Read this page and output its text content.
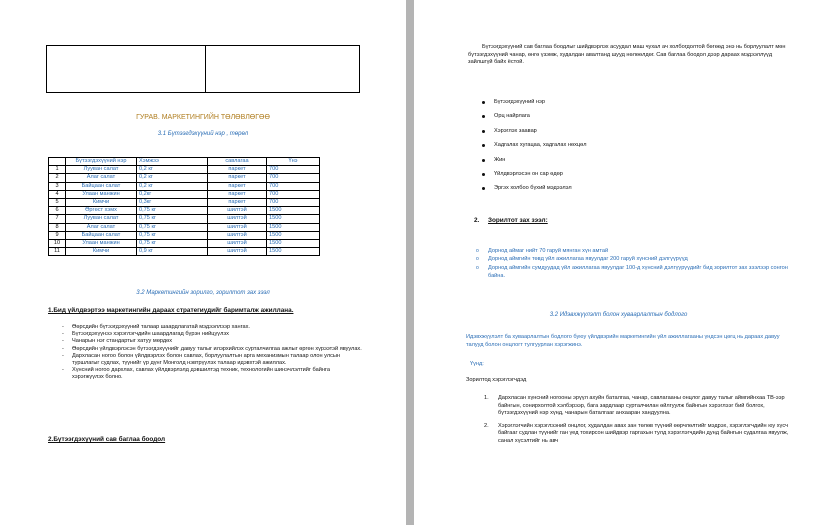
ГУРАВ. МАРКЕТИНГИЙН ТӨЛӨВЛӨГӨӨ
3.1 Бүтээгдэхүүний нэр , төрөл
	Бүтээгдэхүүний нэр	Хэмжээ	савлагаа	Үнэ
1	Луувaн салат	0,2 кг	паркет	700
2	Алаг салат	0,2 кг	паркет	700
3	Байцаан салат	0,2 кг	паркет	700
4	Улаан манжин	0,2кг	паркет	700
5	Кимчи	0,3кг	паркет	700
6	Өргөст хэмх	0,75 кг	шилтэй	1500
7	Луувaн салат	0,75 кг	шилтэй	1500
8	Алаг салат	0,75 кг	шилтэй	1500
9	Байцаан салат	0,75 кг	шилтэй	1500
10	Улаан манжин	0,75 кг	шилтэй	1500
11	Кимчи	0,9 кг	шилтэй	1500
3.2 Маркетингийн зорилго, зорилтот зах зээл
1.Бид үйлдвэртээ маркетингийн дараах стратегиудийг баримталж ажиллана.
- Өөрсдийн бүтээгдэхүүний талаар шаардлагатай мэдээллээр хангах.
- Бүтээгдэхүүнээ хэрэглэгчдийн шаардлагад бүрэн нийцүүлэх
- Чанарын нэг стандартыг хатуу мөрдөх
- Өөрсдийн үйлдвэрлэсэн бүтээгдэхүүнийг давуу талыг илэрхийлэх сурталчилгаа ажлыг өргөн хүрээтэй явуулах.
- Дархласан ногоо болон үйлдвэрлэх болон савлах, борлуулалтын арга механизмын талаар олон улсын туршлагыг судлах, түүнийг үр дүнг Монголд нэвтрүүлэх талаар идэвхтэй ажиллах.
- Хүнсний ногоо дархлах, савлах үйлдвэрлэлд дэвшилтэд техник, технологийн шинэчлэлтийг байнга хэрэгжүүлэх болно.
2.Бүтээгдэхүүний сав баглаа боодол
Бүтээгдэхүүний сав баглаа боодлыг шийдвэрлэх асуудал маш чухал ач холбогдолтой бөгөөд энэ нь борлуулалт мөн бүтээгдэхүүний чанар, өнгө үзэмж, худалдан авалтанд шууд нөлөөлдөг. Сав баглаа боодол дээр дараах мэдээллүүд зайлшгүй байх ёстой.
Бүтээгдэхүүний нэр
Орц найрлага
Хэрэглэх заавар
Хадгалах хугацаа, хадгалах нөхцөл
Жин
Үйлдвэрлэсэн он сар өдөр
Эргэх холбоо бүхий мэдээлэл
2. Зорилтот зах зээл:
o Дорнод аймаг нийт 70 гаруй мянган хүн амтай
o Дорнод аймгийн төвд үйл ажиллагаа явуулдаг 200 гаруй хүнсний дэлгүүрүүд
o Дорнод аймгийн сумдуудад үйл ажиллагаа явуулдаг 100-д хүнсний дэлгүүрүүдийг бид зорилтот зах зээлээр сонгон байна.
3.2 Идэвхжүүлэлт болон хуваарлалтын бодлого
Идэвхжүүлэлт ба хуваарлалтын бодлого буюу үйлдвэрийн маркетингийн үйл ажиллагааны үндсэн цөгц нь дараах давуу талууд болон онцлогт тулгуурлан хэрэгжинэ.
Үүнд:
Зорилтод хэрэглэгчдэд
1. Дархласан хүнсний ногооны эрүүл ахуйн баталгаа, чанар, савлагааны онцлог давуу талыг аймгийнхаа ТВ-ээр байнгын, сонирхолтой хэлбэрээр, бага зардлаар сурталчилан өйлгуулж байнгын хэрэглээг бий болгох, бүтээгдэхүүний нэр хүнд, чанарын баталгааг анхааран хандуулна.
2. Хэрэглэгчийн хэрэглээний онцлог, худалдан авах зан төлөв түүний өөрчлөлтийг мэдрэх, хэрэглэгчдийн юу хүсч байгааг судлан түүнийг ган үед тохирсон шийдвэр гаргахын тулд хэрэглэгчдийн дунд байнгын судалгаа явуулж, санал хүсэлтийг нь авч
